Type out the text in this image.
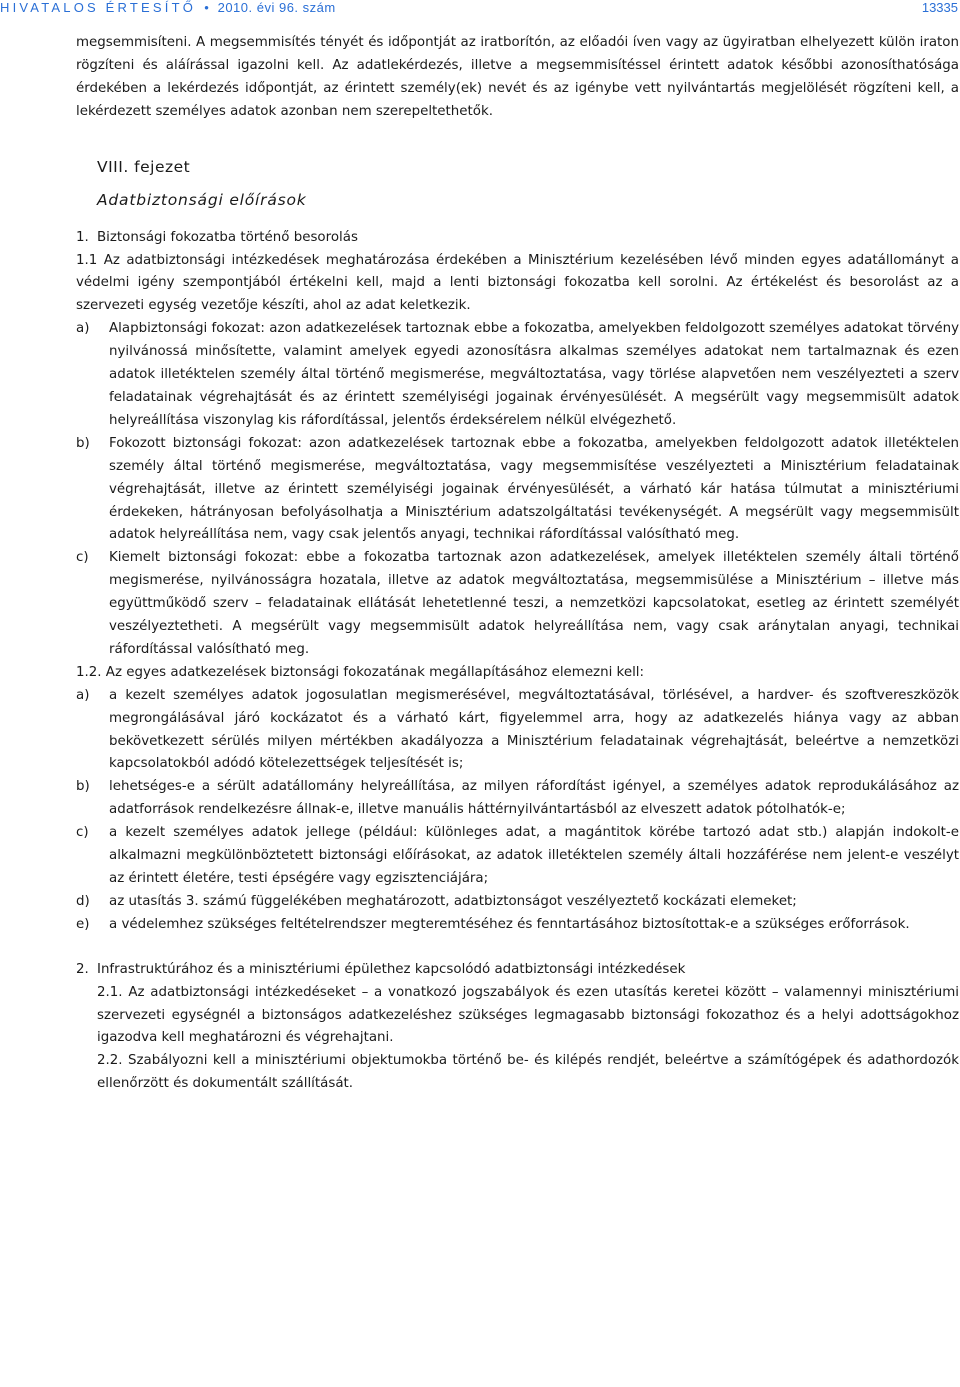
HIVATALOS ÉRTESÍTŐ  •  2010. évi 96. szám	13335

megsemmisíteni. A megsemmisítés tényét és időpontját az iratborítón, az előadói íven vagy az ügyiratban elhelyezett külön iraton rögzíteni és aláírással igazolni kell. Az adatlekérdezés, illetve a megsemmisítéssel érintett adatok későbbi azonosíthatósága érdekében a lekérdezés időpontját, az érintett személy(ek) nevét és az igénybe vett nyilvántartás megjelölését rögzíteni kell, a lekérdezett személyes adatok azonban nem szerepeltethetők.

VIII. fejezet
Adatbiztonsági előírások
1. Biztonsági fokozatba történő besorolás

1.1 Az adatbiztonsági intézkedések meghatározása érdekében a Minisztérium kezelésében lévő minden egyes adatállományt a védelmi igény szempontjából értékelni kell, majd a lenti biztonsági fokozatba kell sorolni. Az értékelést és besorolást az a szervezeti egység vezetője készíti, ahol az adat keletkezik.

a) Alapbiztonsági fokozat: azon adatkezelések tartoznak ebbe a fokozatba, amelyekben feldolgozott személyes adatokat törvény nyilvánossá minősítette, valamint amelyek egyedi azonosításra alkalmas személyes adatokat nem tartalmaznak és ezen adatok illetéktelen személy által történő megismerése, megváltoztatása, vagy törlése alapvetően nem veszélyezteti a szerv feladatainak végrehajtását és az érintett személyiségi jogainak érvényesülését. A megsérült vagy megsemmisült adatok helyreállítása viszonylag kis ráfordítással, jelentős érdeksérelem nélkül elvégezhető.
b) Fokozott biztonsági fokozat: azon adatkezelések tartoznak ebbe a fokozatba, amelyekben feldolgozott adatok illetéktelen személy által történő megismerése, megváltoztatása, vagy megsemmisítése veszélyezteti a Minisztérium feladatainak végrehajtását, illetve az érintett személyiségi jogainak érvényesülését, a várható kár hatása túlmutat a minisztériumi érdekeken, hátrányosan befolyásolhatja a Minisztérium adatszolgáltatási tevékenységét. A megsérült vagy megsemmisült adatok helyreállítása nem, vagy csak jelentős anyagi, technikai ráfordítással valósítható meg.
c) Kiemelt biztonsági fokozat: ebbe a fokozatba tartoznak azon adatkezelések, amelyek illetéktelen személy általi történő megismerése, nyilvánosságra hozatala, illetve az adatok megváltoztatása, megsemmisülése a Minisztérium – illetve más együttműködő szerv – feladatainak ellátását lehetetlenné teszi, a nemzetközi kapcsolatokat, esetleg az érintett személyét veszélyeztetheti. A megsérült vagy megsemmisült adatok helyreállítása nem, vagy csak aránytalan anyagi, technikai ráfordítással valósítható meg.

1.2. Az egyes adatkezelések biztonsági fokozatának megállapításához elemezni kell:

a) a kezelt személyes adatok jogosulatlan megismerésével, megváltoztatásával, törlésével, a hardver- és szoftvereszközök megrongálásával járó kockázatot és a várható kárt, figyelemmel arra, hogy az adatkezelés hiánya vagy az abban bekövetkezett sérülés milyen mértékben akadályozza a Minisztérium feladatainak végrehajtását, beleértve a nemzetközi kapcsolatokból adódó kötelezettségek teljesítését is;
b) lehetséges-e a sérült adatállomány helyreállítása, az milyen ráfordítást igényel, a személyes adatok reprodukálásához az adatforrások rendelkezésre állnak-e, illetve manuális háttérnyilvántartásból az elveszett adatok pótolhatók-e;
c) a kezelt személyes adatok jellege (például: különleges adat, a magántitok körébe tartozó adat stb.) alapján indokolt-e alkalmazni megkülönböztetett biztonsági előírásokat, az adatok illetéktelen személy általi hozzáférése nem jelent-e veszélyt az érintett életére, testi épségére vagy egzisztenciájára;
d) az utasítás 3. számú függelékében meghatározott, adatbiztonságot veszélyeztető kockázati elemeket;
e) a védelemhez szükséges feltételrendszer megteremtéséhez és fenntartásához biztosítottak-e a szükséges erőforrások.
2. Infrastruktúrához és a minisztériumi épülethez kapcsolódó adatbiztonsági intézkedések

2.1. Az adatbiztonsági intézkedéseket – a vonatkozó jogszabályok és ezen utasítás keretei között – valamennyi minisztériumi szervezeti egységnél a biztonságos adatkezeléshez szükséges legmagasabb biztonsági fokozathoz és a helyi adottságokhoz igazodva kell meghatározni és végrehajtani.

2.2. Szabályozni kell a minisztériumi objektumokba történő be- és kilépés rendjét, beleértve a számítógépek és adathordozók ellenőrzött és dokumentált szállítását.
